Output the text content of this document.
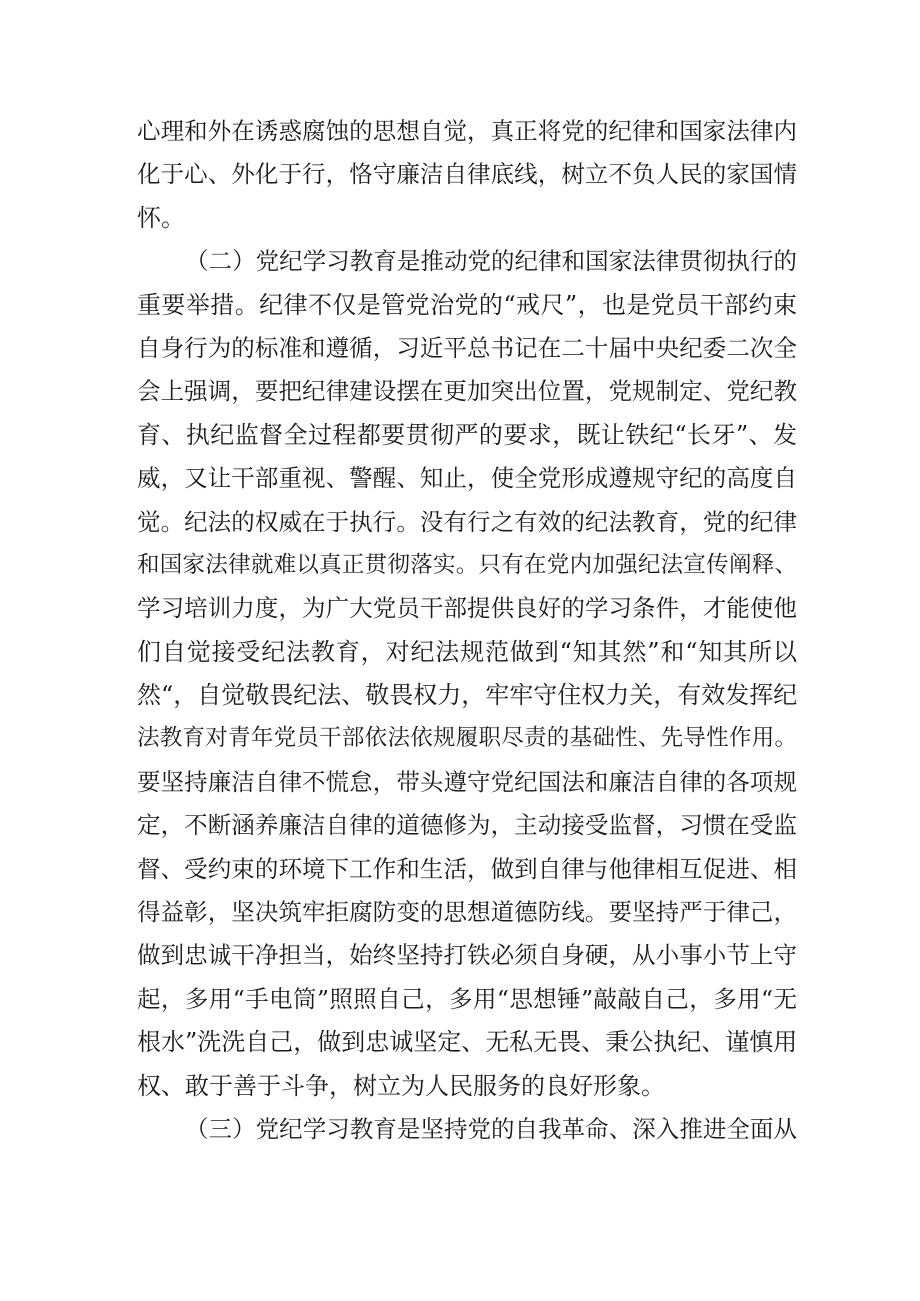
心理和外在诱惑腐蚀的思想自觉，真正将党的纪律和国家法律内
化于心、外化于行，恪守廉洁自律底线，树立不负人民的家国情
怀。
（二）党纪学习教育是推动党的纪律和国家法律贯彻执行的
重要举措。纪律不仅是管党治党的“戒尺”，也是党员干部约束
自身行为的标准和遵循，习近平总书记在二十届中央纪委二次全
会上强调，要把纪律建设摆在更加突出位置，党规制定、党纪教
育、执纪监督全过程都要贯彻严的要求，既让铁纪“长牙”、发
威，又让干部重视、警醒、知止，使全党形成遵规守纪的高度自
觉。纪法的权威在于执行。没有行之有效的纪法教育，党的纪律
和国家法律就难以真正贯彻落实。只有在党内加强纪法宣传阐释、
学习培训力度，为广大党员干部提供良好的学习条件，才能使他
们自觉接受纪法教育，对纪法规范做到“知其然”和“知其所以
然“，自觉敬畏纪法、敬畏权力，牢牢守住权力关，有效发挥纪
法教育对青年党员干部依法依规履职尽责的基础性、先导性作用。
要坚持廉洁自律不慌怠，带头遵守党纪国法和廉洁自律的各项规
定，不断涵养廉洁自律的道德修为，主动接受监督，习惯在受监
督、受约束的环境下工作和生活，做到自律与他律相互促进、相
得益彰，坚决筑牢拒腐防变的思想道德防线。要坚持严于律己，
做到忠诚干净担当，始终坚持打铁必须自身硬，从小事小节上守
起，多用“手电筒”照照自己，多用“思想锤”敲敲自己，多用“无
根水”洗洗自己，做到忠诚坚定、无私无畏、秉公执纪、谨慎用
权、敢于善于斗争，树立为人民服务的良好形象。
（三）党纪学习教育是坚持党的自我革命、深入推进全面从
